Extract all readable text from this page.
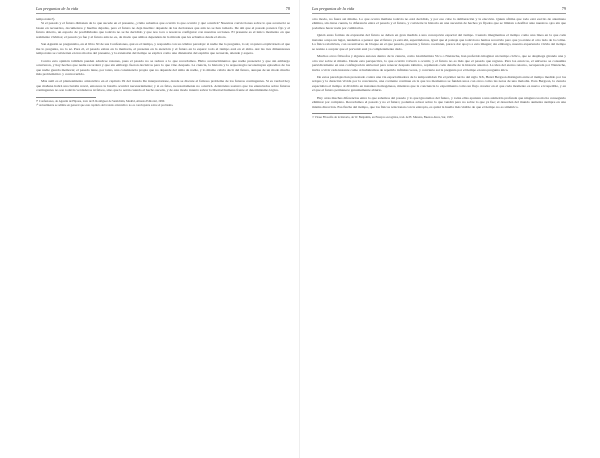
Las preguntas de la vida	78

temporales?).

Si el pasado y el futuro dimanan de lo que sucede en el presente, ¿cómo sabemos que ocurrió lo que ocurrió y qué ocurrirá? Nuestras convicciones sobre lo que aconteció se basan en recuerdos, documentos y huellas dejadas, pero el futuro no deja huellas: depende de las decisiones que aún no se han tomado. De ahí que el pasado parezca fijo y el futuro abierto, un espacio de posibilidades que todavía no se ha decidido y que nos toca a nosotros configurar con nuestras acciones. El presente es el único momento en que realmente vivimos; el pasado ya fue y el futuro aún no es, de modo que ambos dependen de la mirada que les echamos desde el ahora.

San Agustín se preguntaba, en el libro XI de sus Confesiones, qué es el tiempo, y respondía con su célebre paradoja: si nadie me lo pregunta, lo sé; si quiero explicárselo al que me lo pregunta, no lo sé. Para él, el pasado existe en la memoria, el presente en la atención y el futuro en la espera: todo el tiempo está en el alma. Así las tres dimensiones temporales se convierten en tres modos del presente, y la extensión del tiempo se explica como una distensión del espíritu que recuerda, atiende y espera.

Contra esta opinión también pueden aducirse razones, pues el pasado no se reduce a lo que recordamos. Hubo acontecimientos que nadie presenció y que sin embargo ocurrieron, y hay hechos que nadie recordará y que sin embargo fueron decisivos para lo que vino después. La ciencia, la historia y la arqueología reconstruyen episodios de los que nadie guarda memoria; el pasado tiene, por tanto, una consistencia propia que no depende del alma de nadie, y lo mismo cabría decir del futuro, aunque de un modo mucho más problemático y controvertido.

Más sutil es el planteamiento aristotélico en el capítulo IX del tratado De interpretatione, donde se discute el famoso problema de los futuros contingentes. Si es verdad hoy que mañana habrá una batalla naval, entonces la batalla ocurrirá necesariamente; y si es falso, necesariamente no ocurrirá. Aristóteles sostuvo que los enunciados sobre futuros contingentes no son todavía verdaderos ni falsos, sino que lo serán cuando el hecho suceda, y de este modo intentó salvar la libertad humana frente al determinismo lógico.

⁴⁹ Confesiones, de Agustín de Hipona, trad. de P. Rodríguez de Santidrián, Madrid, Alianza Editorial, 1990.

⁵⁰ Actualmente se admite en general que este capítulo del tratado aristotélico no es concluyente sobre el problema.

Las preguntas de la vida	79

otro modo, no fuera así mismo. Lo que ocurra mañana todavía no está decidido, y por eso cabe la deliberación y la elección. Quien afirma que todo está escrito de antemano elimina, sin darse cuenta, la diferencia entre el pasado y el futuro, y convierte la historia en una sucesión de hechos ya fijados que se limitan a desfilar ante nuestros ojos sin que podamos hacer nada por cambiarlos.

Quizá estas formas de expresión del futuro se deben en gran medida a una concepción espacial del tiempo. Cuando imaginamos el tiempo como una línea en la que cada instante ocupa un lugar, tendemos a pensar que el futuro ya está ahí, esperándonos, igual que el paisaje que todavía no hemos recorrido pero que ya existe al otro lado de la colina. La física relativista, con su universo de bloque en el que pasado, presente y futuro coexisten, parece dar apoyo a esta imagen; sin embargo, nuestra experiencia vivida del tiempo se resiste a aceptar que el porvenir esté ya completamente dado.

Muchos otros filósofos y algunos autores dentro de la ciencia, como Giambattista Vico o Nietzsche, han preferido imaginar un tiempo cíclico, que se despliega girando una y otra vez sobre sí mismo. Desde esta perspectiva, lo que ocurrió volverá a ocurrir, y el futuro no es más que el pasado que regresa. Para los estoicos, el universo se consumía periódicamente en una conflagración universal para renacer después idéntico, repitiendo cada detalle de la historia anterior. La idea del eterno retorno, recuperada por Nietzsche, invita a vivir cada instante como si hubiéramos de repetirlo infinitas veces, y convierte así la pregunta por el tiempo en una pregunta ética.

De estos paradojas han protestado contra una vía espacializadora de la temporalidad. En el primer tercio del siglo XX, Henri Bergson distinguió entre el tiempo medido por los relojes y la duración vivida por la conciencia, una corriente continua en la que los momentos se funden unos con otros como las notas de una melodía. Para Bergson, la ciencia espacializa el tiempo al dividirlo en instantes homogéneos, mientras que la conciencia lo experimenta como un flujo creador en el que cada momento es nuevo e irrepetible, y en el que el futuro permanece genuinamente abierto.

Hay otras muchas diferencias entre lo que sabemos del pasado y lo que ignoramos del futuro, y todas ellas apuntan a una asimetría profunda que ninguna teoría ha conseguido eliminar por completo. Recordamos el pasado y no el futuro; podemos actuar sobre lo que vendrá pero no sobre lo que ya fue; el desorden del mundo aumenta siempre en una misma dirección. Esa flecha del tiempo, que los físicos relacionan con la entropía, es quizá la huella más visible de que el tiempo no es simétrico.

⁵¹ Véase Filosofía de la historia, de W. Benjamin, en Ensayos escogidos, trad. de H. Murena, Buenos Aires, Sur, 1967.
